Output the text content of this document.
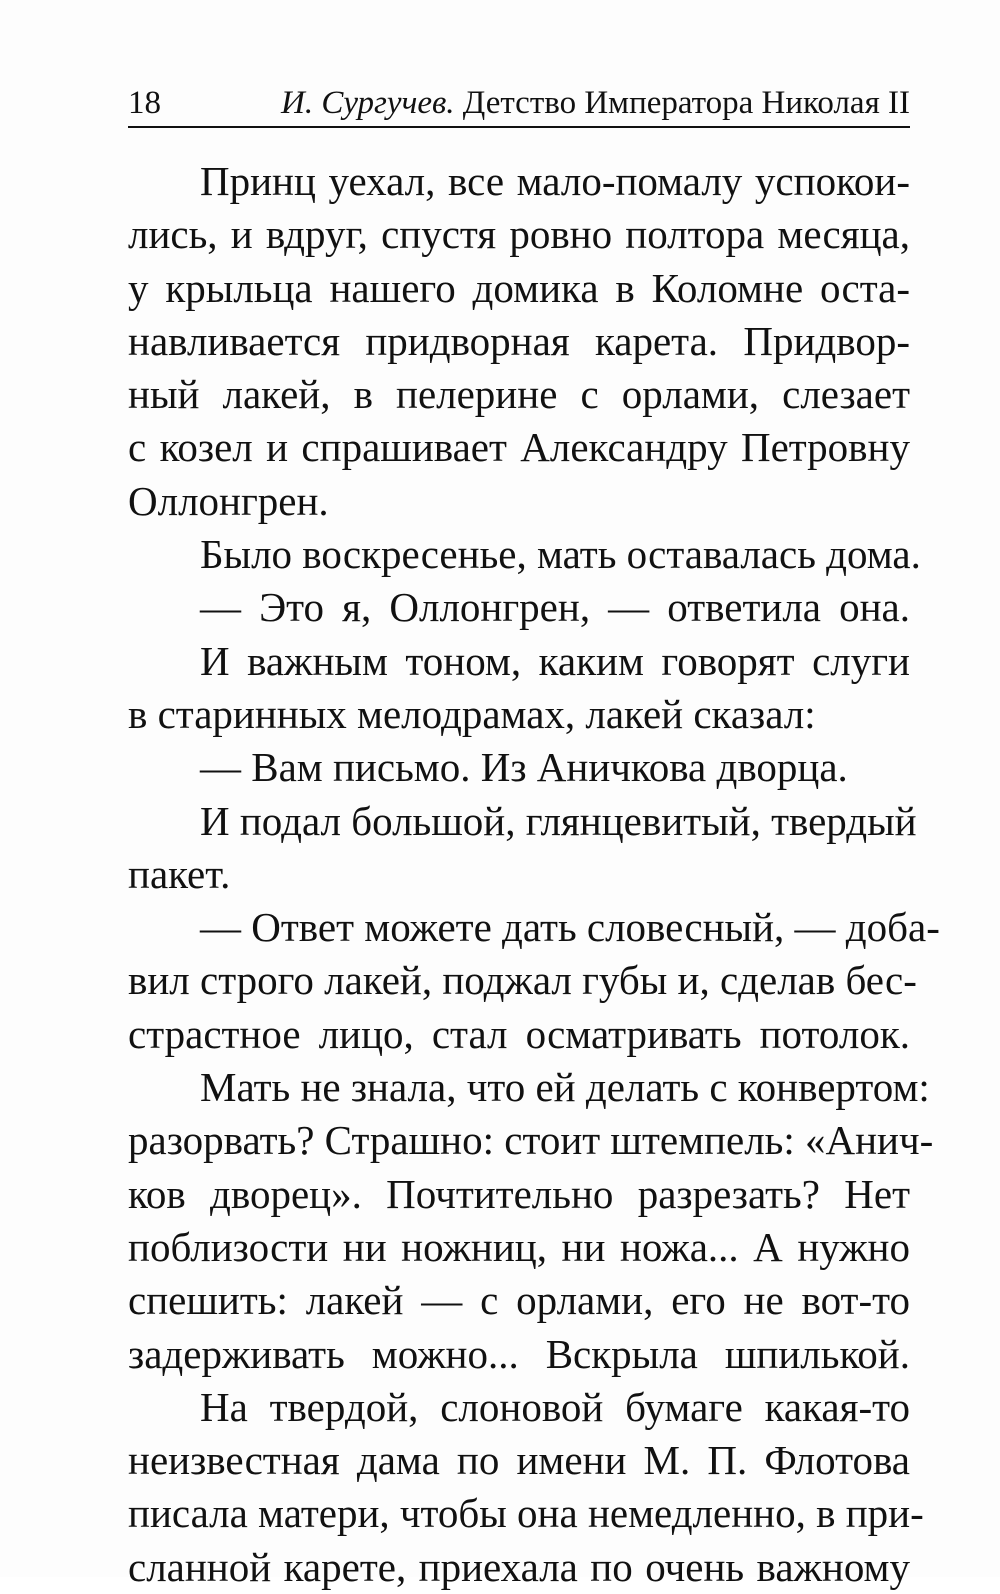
18	И. Сургучев. Детство Императора Николая II
Принц уехал, все мало-помалу успокои-
лись, и вдруг, спустя ровно полтора месяца,
у крыльца нашего домика в Коломне оста-
навливается придворная карета. Придвор-
ный лакей, в пелерине с орлами, слезает
с козел и спрашивает Александру Петровну
Оллонгрен.
Было воскресенье, мать оставалась дома.
— Это я, Оллонгрен, — ответила она.
И важным тоном, каким говорят слуги
в старинных мелодрамах, лакей сказал:
— Вам письмо. Из Аничкова дворца.
И подал большой, глянцевитый, твердый
пакет.
— Ответ можете дать словесный, — доба-
вил строго лакей, поджал губы и, сделав бес-
страстное лицо, стал осматривать потолок.
Мать не знала, что ей делать с конвертом:
разорвать? Страшно: стоит штемпель: «Анич-
ков дворец». Почтительно разрезать? Нет
поблизости ни ножниц, ни ножа... А нужно
спешить: лакей — с орлами, его не вот-то
задерживать можно... Вскрыла шпилькой.
На твердой, слоновой бумаге какая-то
неизвестная дама по имени М. П. Флотова
писала матери, чтобы она немедленно, в при-
сланной карете, приехала по очень важному
